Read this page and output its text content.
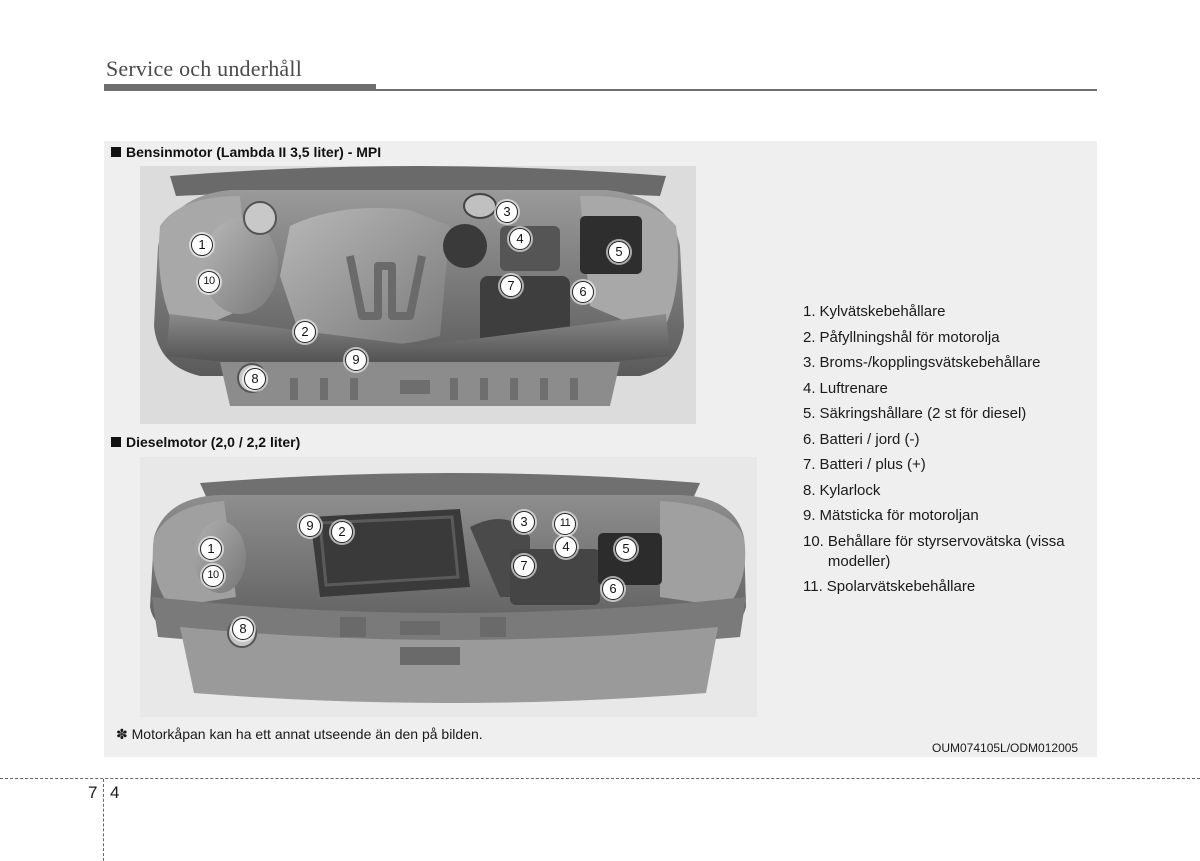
Service och underhåll
Bensinmotor (Lambda II 3,5 liter) - MPI
1
2
3
4
5
6
7
8
9
10
Dieselmotor (2,0 / 2,2 liter)
1
2
3
4	5
6
7
8
9
10
11
1. Kylvätskebehållare
2. Påfyllningshål för motorolja
3. Broms-/kopplingsvätskebehållare
4. Luftrenare
5. Säkringshållare (2 st för diesel)
6. Batteri / jord (-)
7. Batteri / plus (+)
8. Kylarlock
9. Mätsticka för motoroljan
10. Behållare för styrservovätska (vissa modeller)
11. Spolarvätskebehållare
✽ Motorkåpan kan ha ett annat utseende än den på bilden.
OUM074105L/ODM012005
7 4
